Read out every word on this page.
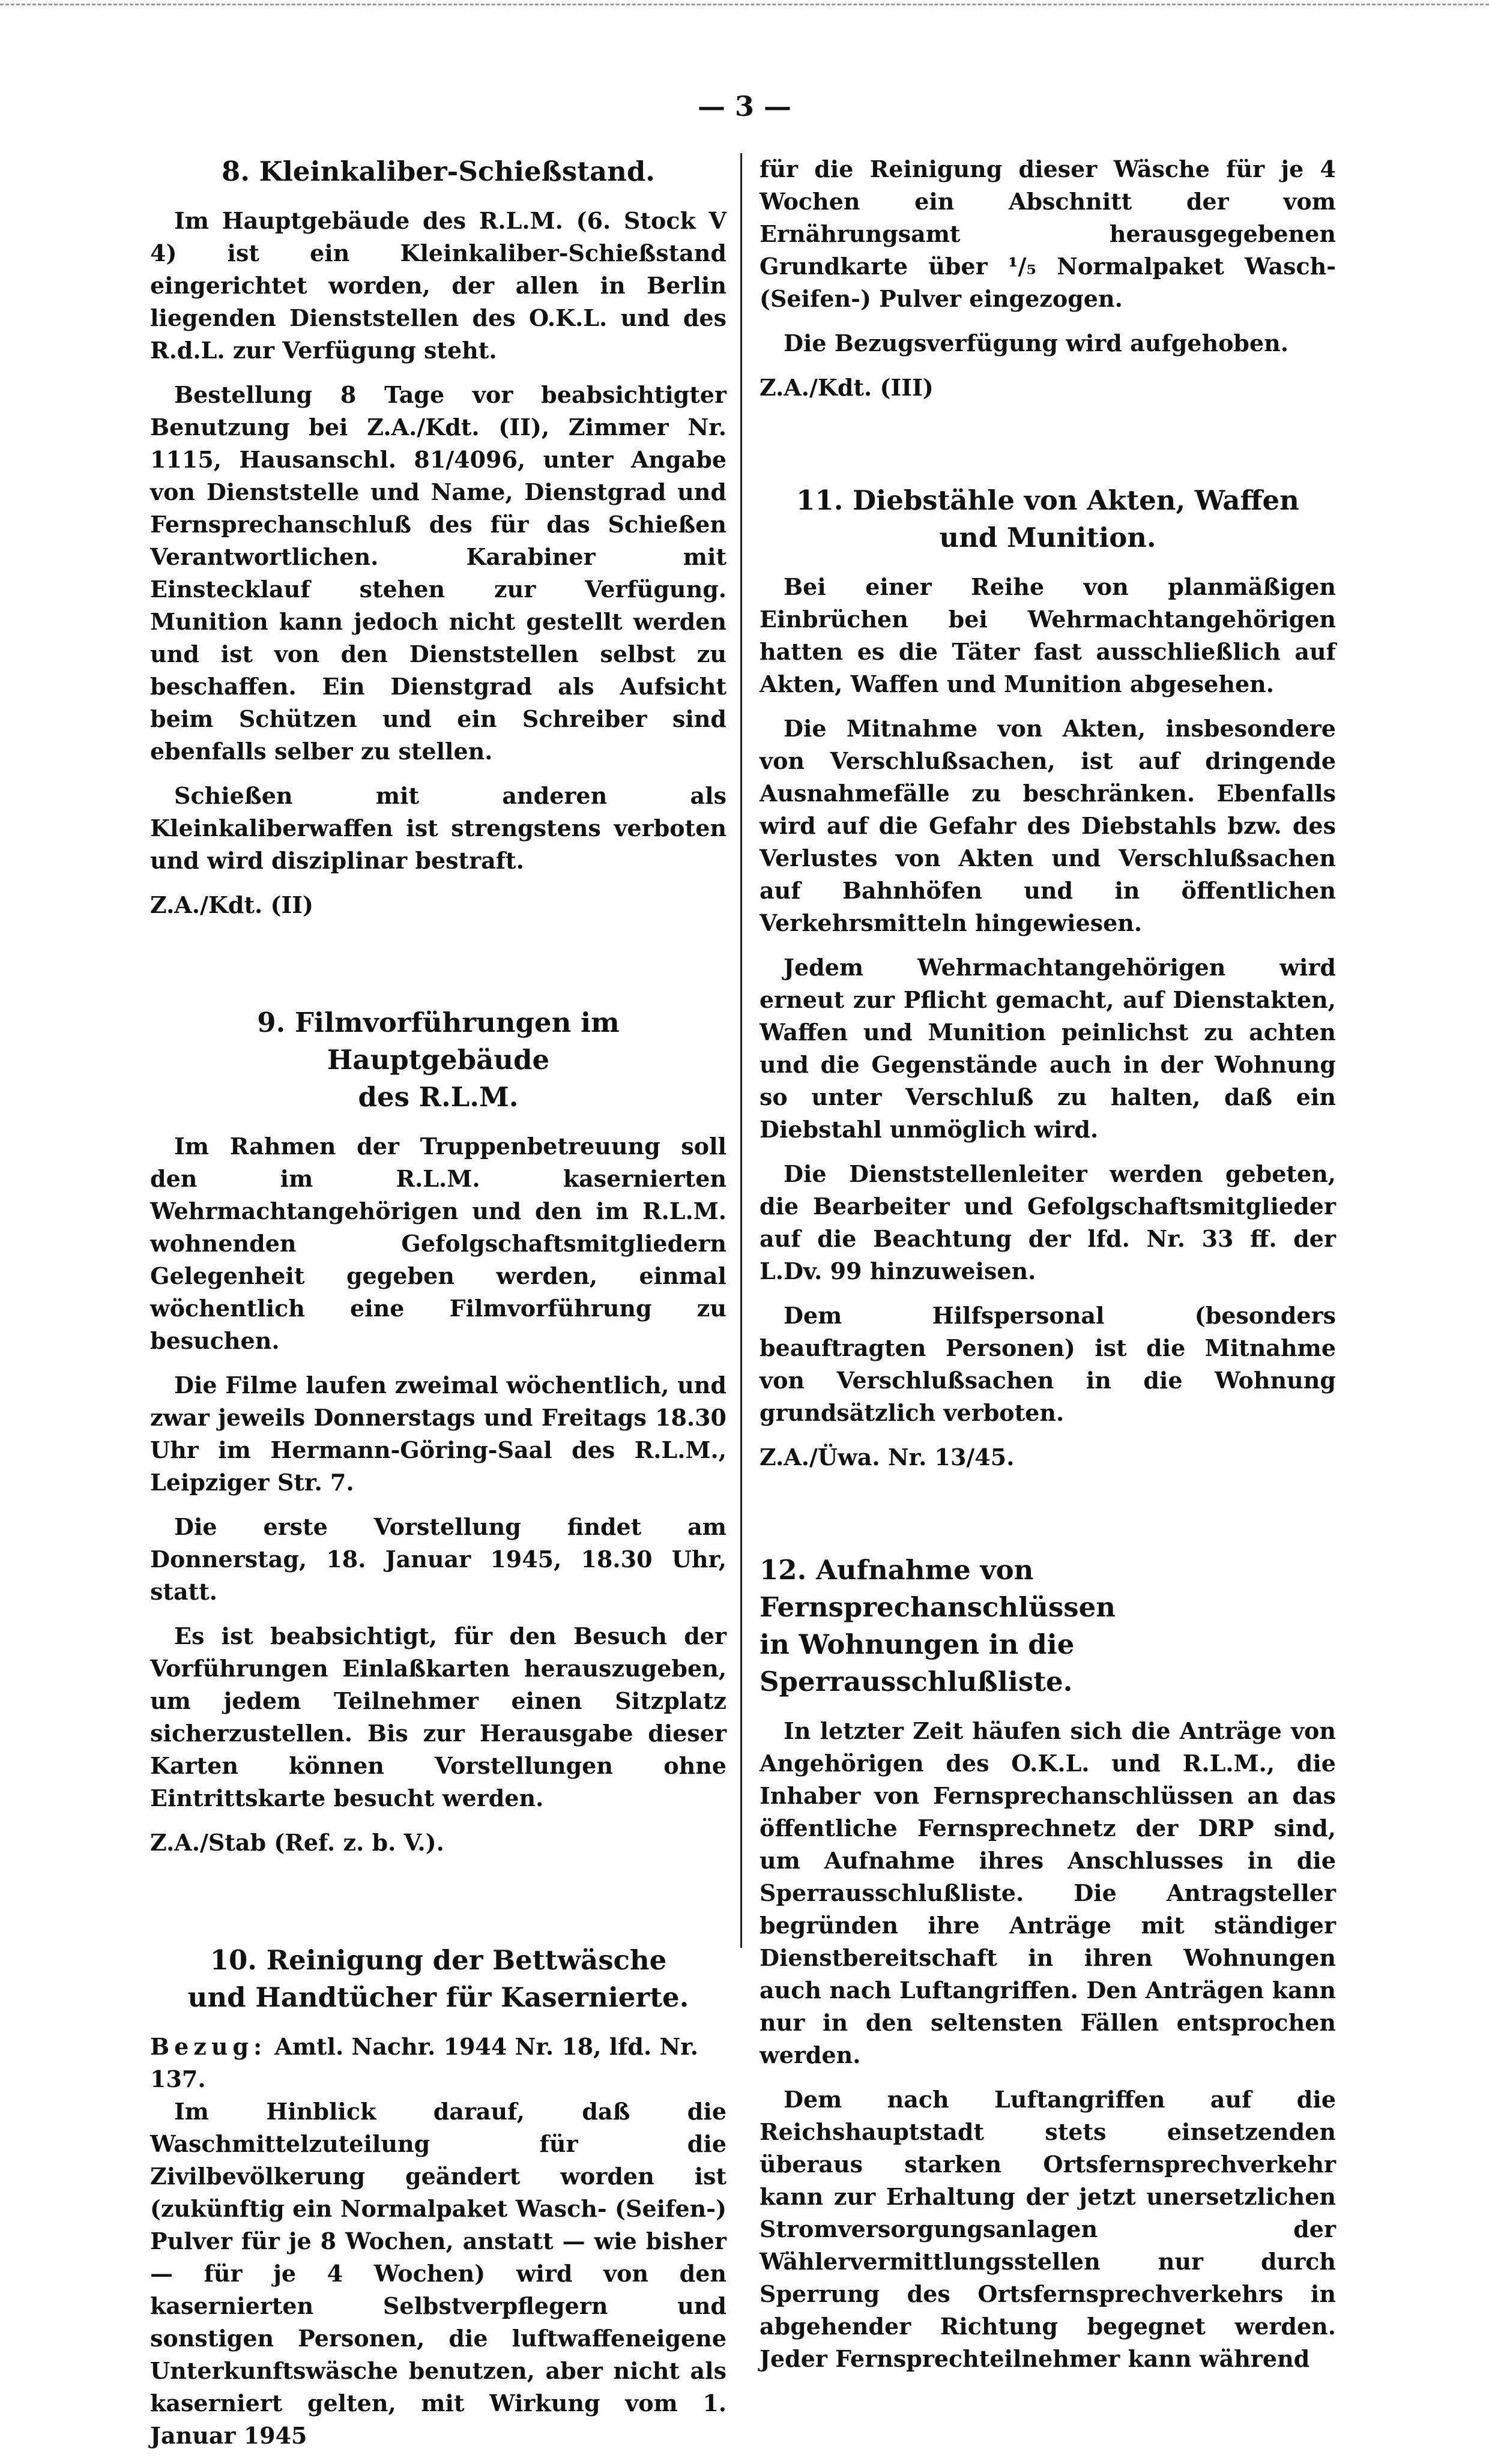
— 3 —
8. Kleinkaliber-Schießstand.

Im Hauptgebäude des R.L.M. (6. Stock V 4) ist ein Kleinkaliber-Schießstand eingerichtet worden, der allen in Berlin liegenden Dienststellen des O.K.L. und des R.d.L. zur Verfügung steht.

Bestellung 8 Tage vor beabsichtigter Benutzung bei Z.A./Kdt. (II), Zimmer Nr. 1115, Hausanschl. 81/4096, unter Angabe von Dienststelle und Name, Dienstgrad und Fernsprechanschluß des für das Schießen Verantwortlichen. Karabiner mit Einstecklauf stehen zur Verfügung. Munition kann jedoch nicht gestellt werden und ist von den Dienststellen selbst zu beschaffen. Ein Dienstgrad als Aufsicht beim Schützen und ein Schreiber sind ebenfalls selber zu stellen.

Schießen mit anderen als Kleinkaliberwaffen ist strengstens verboten und wird disziplinar bestraft.

Z.A./Kdt. (II)
9. Filmvorführungen im Hauptgebäude
des R.L.M.

Im Rahmen der Truppenbetreuung soll den im R.L.M. kasernierten Wehrmachtangehörigen und den im R.L.M. wohnenden Gefolgschaftsmitgliedern Gelegenheit gegeben werden, einmal wöchentlich eine Filmvorführung zu besuchen.

Die Filme laufen zweimal wöchentlich, und zwar jeweils Donnerstags und Freitags 18.30 Uhr im Hermann-Göring-Saal des R.L.M., Leipziger Str. 7.

Die erste Vorstellung findet am Donnerstag, 18. Januar 1945, 18.30 Uhr, statt.

Es ist beabsichtigt, für den Besuch der Vorführungen Einlaßkarten herauszugeben, um jedem Teilnehmer einen Sitzplatz sicherzustellen. Bis zur Herausgabe dieser Karten können Vorstellungen ohne Eintrittskarte besucht werden.

Z.A./Stab (Ref. z. b. V.).
10. Reinigung der Bettwäsche
und Handtücher für Kasernierte.
Bezug: Amtl. Nachr. 1944 Nr. 18, lfd. Nr. 137.

Im Hinblick darauf, daß die Waschmittelzuteilung für die Zivilbevölkerung geändert worden ist (zukünftig ein Normalpaket Wasch- (Seifen-) Pulver für je 8 Wochen, anstatt — wie bisher — für je 4 Wochen) wird von den kasernierten Selbstverpflegern und sonstigen Personen, die luftwaffeneigene Unterkunftswäsche benutzen, aber nicht als kaserniert gelten, mit Wirkung vom 1. Januar 1945

für die Reinigung dieser Wäsche für je 4 Wochen ein Abschnitt der vom Ernährungsamt herausgegebenen Grundkarte über ¹/₅ Normalpaket Wasch- (Seifen-) Pulver eingezogen.

Die Bezugsverfügung wird aufgehoben.

Z.A./Kdt. (III)
11. Diebstähle von Akten, Waffen
und Munition.

Bei einer Reihe von planmäßigen Einbrüchen bei Wehrmachtangehörigen hatten es die Täter fast ausschließlich auf Akten, Waffen und Munition abgesehen.

Die Mitnahme von Akten, insbesondere von Verschlußsachen, ist auf dringende Ausnahmefälle zu beschränken. Ebenfalls wird auf die Gefahr des Diebstahls bzw. des Verlustes von Akten und Verschlußsachen auf Bahnhöfen und in öffentlichen Verkehrsmitteln hingewiesen.

Jedem Wehrmachtangehörigen wird erneut zur Pflicht gemacht, auf Dienstakten, Waffen und Munition peinlichst zu achten und die Gegenstände auch in der Wohnung so unter Verschluß zu halten, daß ein Diebstahl unmöglich wird.

Die Dienststellenleiter werden gebeten, die Bearbeiter und Gefolgschaftsmitglieder auf die Beachtung der lfd. Nr. 33 ff. der L.Dv. 99 hinzuweisen.

Dem Hilfspersonal (besonders beauftragten Personen) ist die Mitnahme von Verschlußsachen in die Wohnung grundsätzlich verboten.

Z.A./Üwa. Nr. 13/45.
12. Aufnahme von Fernsprechanschlüssen
in Wohnungen in die Sperrausschlußliste.

In letzter Zeit häufen sich die Anträge von Angehörigen des O.K.L. und R.L.M., die Inhaber von Fernsprechanschlüssen an das öffentliche Fernsprechnetz der DRP sind, um Aufnahme ihres Anschlusses in die Sperrausschlußliste. Die Antragsteller begründen ihre Anträge mit ständiger Dienstbereitschaft in ihren Wohnungen auch nach Luftangriffen. Den Anträgen kann nur in den seltensten Fällen entsprochen werden.

Dem nach Luftangriffen auf die Reichshauptstadt stets einsetzenden überaus starken Ortsfernsprechverkehr kann zur Erhaltung der jetzt unersetzlichen Stromversorgungsanlagen der Wählervermittlungsstellen nur durch Sperrung des Ortsfernsprechverkehrs in abgehender Richtung begegnet werden. Jeder Fernsprechteilnehmer kann während
